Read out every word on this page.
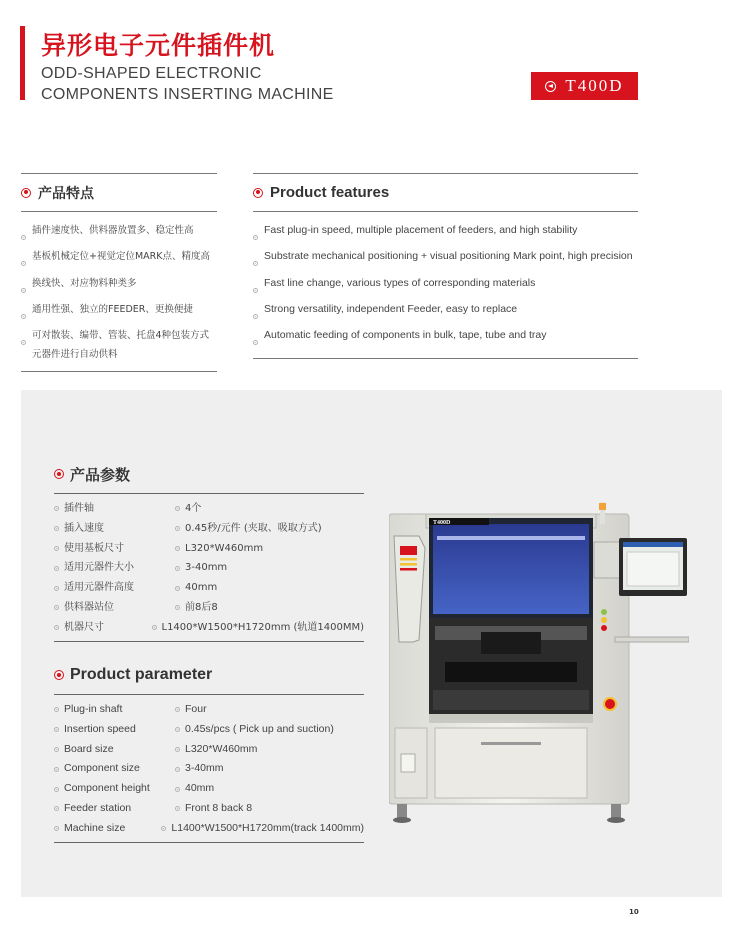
异形电子元件插件机
ODD-SHAPED ELECTRONIC
COMPONENTS INSERTING MACHINE	T400D
产品特点
插件速度快、供料器放置多、稳定性高
基板机械定位+视觉定位MARK点、精度高
换线快、对应物料种类多
通用性强、独立的FEEDER、更换便捷
可对散装、编带、管装、托盘4种包装方式元器件进行自动供料
Product features
Fast plug-in speed, multiple placement of feeders, and high stability
Substrate mechanical positioning + visual positioning Mark point, high precision
Fast line change, various types of corresponding materials
Strong versatility, independent Feeder, easy to replace
Automatic feeding of components in bulk, tape, tube and tray
产品参数
插件轴	4个
插入速度	0.45秒/元件 (夹取、吸取方式)
使用基板尺寸	L320*W460mm
适用元器件大小	3-40mm
适用元器件高度	40mm
供料器站位	前8后8
机器尺寸	L1400*W1500*H1720mm (轨道1400MM)
Product parameter
Plug-in shaft	Four
Insertion speed	0.45s/pcs ( Pick up and suction)
Board size	L320*W460mm
Component size	3-40mm
Component height	40mm
Feeder station	Front 8 back 8
Machine size	L1400*W1500*H1720mm(track 1400mm)
T400D
10
